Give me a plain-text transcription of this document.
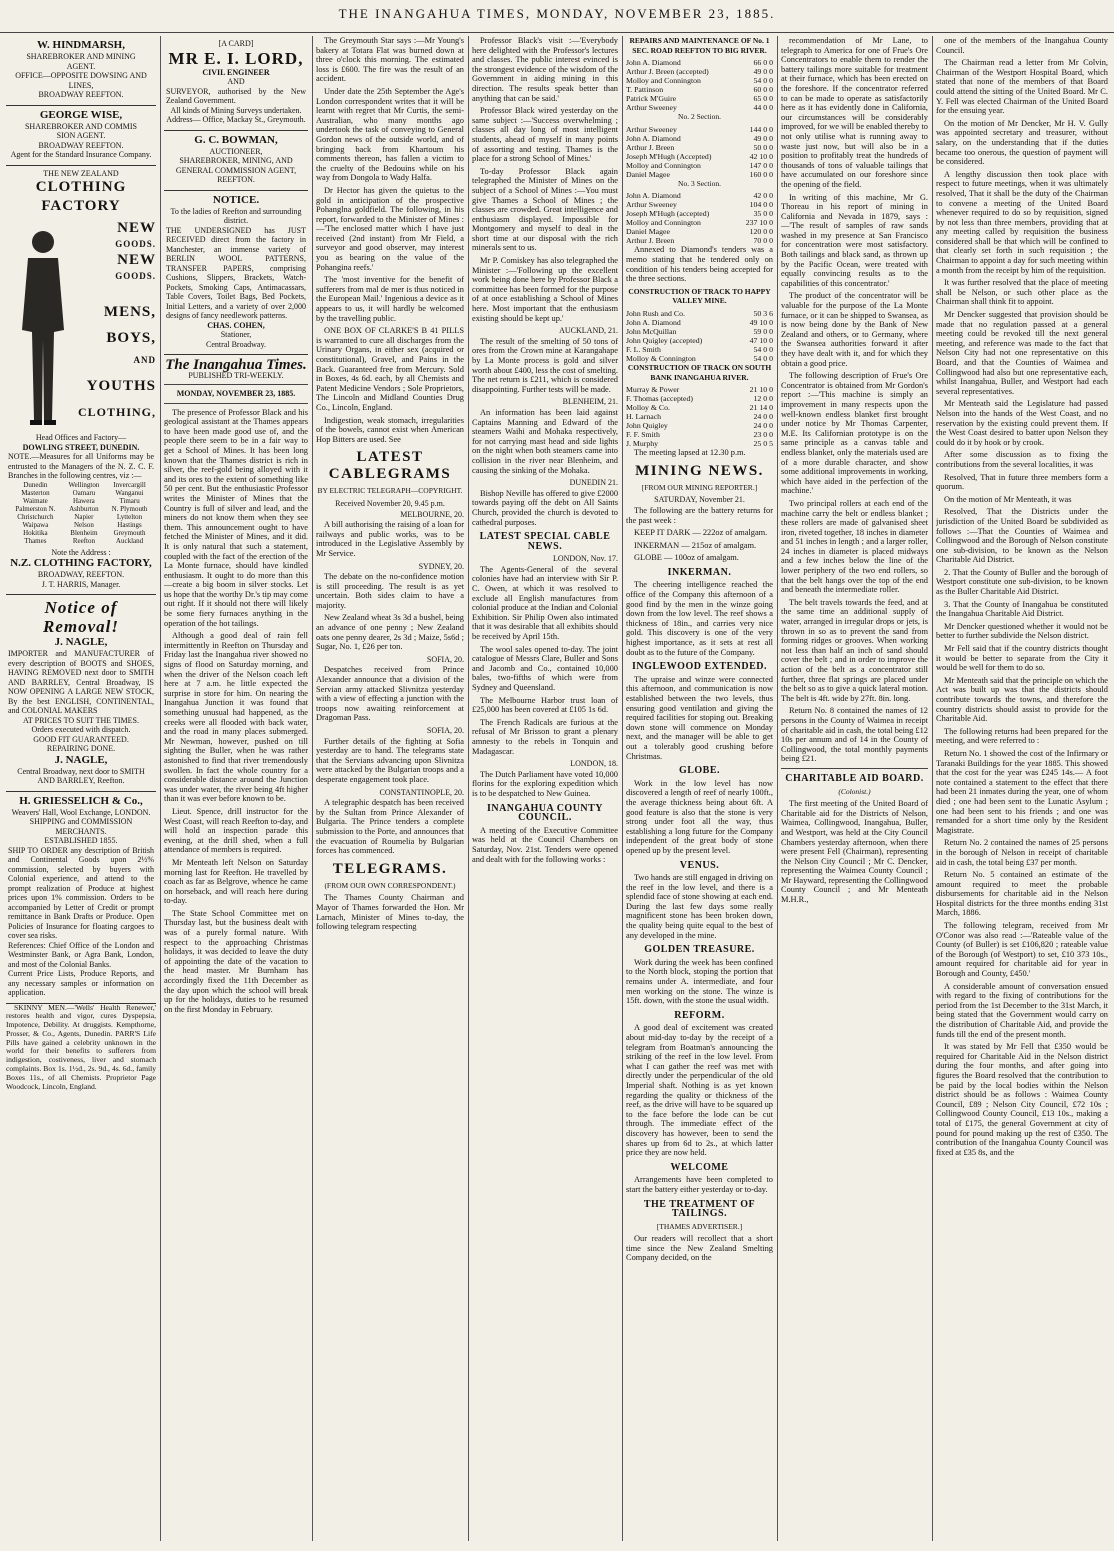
THE INANGAHUA TIMES, MONDAY, NOVEMBER 23, 1885.
W. HINDMARSH,
SHAREBROKER AND MINING
AGENT.
OFFICE—OPPOSITE DOWSING AND LINES,
BROADWAY REEFTON.
GEORGE WISE,
SHAREBROKER AND COMMIS
SION AGENT.
BROADWAY REEFTON.
Agent for the Standard Insurance Company.
THE NEW ZEALAND
CLOTHING FACTORY
NEW
GOODS.
NEW
GOODS.
MENS,
BOYS,
AND
YOUTHS
CLOTHING,
Head Offices and Factory—
DOWLING STREET, DUNEDIN.
NOTE.—Measures for all Uniforms may be entrusted to the Managers of the N. Z. C. F. Branches in the following centres, viz :—
Dunedin	Wellington	Invercargill
Masterton	Oamaru	Wanganui
Waimate	Hawera	Timaru
Palmerston N.	Ashburton	N. Plymouth
Christchurch	Napier	Lyttelton
Waipawa	Nelson	Hastings
Hokitika	Blenheim	Greymouth
Thames	Reefton	Auckland
Note the Address :
N.Z. CLOTHING FACTORY,
BROADWAY, REEFTON.
J. T. HARRIS, Manager.
Notice of Removal!
J. NAGLE,
IMPORTER and MANUFACTURER of every description of BOOTS and SHOES, HAVING REMOVED next door to SMITH AND BARRLEY, Central Broadway, IS NOW OPENING A LARGE NEW STOCK, By the best ENGLISH, CONTINENTAL, and COLONIAL MAKERS
AT PRICES TO SUIT THE TIMES.
Orders executed with dispatch.
GOOD FIT GUARANTEED.
REPAIRING DONE.
J. NAGLE,
Central Broadway, next door to SMITH AND BARRLEY, Reefton.
H. GRIESSELICH & Co.,
Weavers' Hall, Wool Exchange, LONDON.
SHIPPING and COMMISSION MERCHANTS.
ESTABLISHED 1855.
SHIP TO ORDER any description of British and Continental Goods upon 2½% commission, selected by buyers with Colonial experience, and attend to the prompt realization of Produce at highest prices upon 1% commission. Orders to be accompanied by Letter of Credit or prompt remittance in Bank Drafts or Produce. Open Policies of Insurance for floating cargoes to cover sea risks.
References: Chief Office of the London and Westminster Bank, or Agra Bank, London, and most of the Colonial Banks.
Current Price Lists, Produce Reports, and any necessary samples or information on application.

SKINNY MEN.—'Wells' Health Renewer,' restores health and vigor, cures Dyspepsia, Impotence, Debility. At druggists. Kempthorne, Prosser, & Co., Agents, Dunedin. PARR'S Life Pills have gained a celebrity unknown in the world for their benefits to sufferers from indigestion, costiveness, liver and stomach complaints. Box 1s. 1½d., 2s. 9d., 4s. 6d., family Boxes 11s., of all Chemists. Proprietor Page Woodcock, Lincoln, England.

[A CARD]
MR E. I. LORD,
CIVIL ENGINEER
AND
SURVEYOR, authorised by the New Zealand Government.
All kinds of Mining Surveys undertaken.
Address— Office, Mackay St., Greymouth.
G. C. BOWMAN,
AUCTIONEER,
SHAREBROKER, MINING, AND GENERAL COMMISSION AGENT,
REEFTON.
NOTICE.
To the ladies of Reefton and surrounding district.
THE UNDERSIGNED has JUST RECEIVED direct from the factory in Manchester, an immense variety of BERLIN WOOL PATTERNS, TRANSFER PAPERS, comprising Cushions, Slippers, Brackets, Watch-Pockets, Smoking Caps, Antimacassars, Table Covers, Toilet Bags, Bed Pockets, Initial Letters, and a variety of over 2,000 designs of fancy needlework patterns.
CHAS. COHEN,
Stationer,
Central Broadway.
The Inangahua Times.
PUBLISHED TRI-WEEKLY.
MONDAY, NOVEMBER 23, 1885.

The presence of Professor Black and his geological assistant at the Thames appears to have been made good use of, and the people there seem to be in a fair way to get a School of Mines. It has been long known that the Thames district is rich in silver, the reef-gold being alloyed with it and its ores to the extent of something like 50 per cent. But the enthusiastic Professor writes the Minister of Mines that the Country is full of silver and lead, and the miners do not know them when they see them. This announcement ought to have fetched the Minister of Mines, and it did. It is only natural that such a statement, coupled with the fact of the erection of the La Monte furnace, should have kindled enthusiasm. It ought to do more than this —create a big boom in silver stocks. Let us hope that the worthy Dr.'s tip may come out right. If it should not there will likely be some fiery furnaces anything in the operation of the hot tailings.

Although a good deal of rain fell intermittently in Reefton on Thursday and Friday last the Inangahua river showed no signs of flood on Saturday morning, and when the driver of the Nelson coach left here at 7 a.m. he little expected the surprise in store for him. On nearing the Inangahua Junction it was found that something unusual had happened, as the creeks were all flooded with back water, and the road in many places submerged. Mr Newman, however, pushed on till sighting the Buller, when he was rather astonished to find that river tremendously swollen. In fact the whole country for a considerable distance around the Junction was under water, the river being 4ft higher than it was ever before known to be.

Lieut. Spence, drill instructor for the West Coast, will reach Reefton to-day, and will hold an inspection parade this evening, at the drill shed, when a full attendance of members is required.

Mr Menteath left Nelson on Saturday morning last for Reefton. He travelled by coach as far as Belgrove, whence he came on horseback, and will reach here during to-day.

The State School Committee met on Thursday last, but the business dealt with was of a purely formal nature. With respect to the approaching Christmas holidays, it was decided to leave the duty of appointing the date of the vacation to the head master. Mr Burnham has accordingly fixed the 11th December as the day upon which the school will break up for the holidays, duties to be resumed on the first Monday in February.

The Greymouth Star says :—Mr Young's bakery at Totara Flat was burned down at three o'clock this morning. The estimated loss is £600. The fire was the result of an accident.

Under date the 25th September the Age's London correspondent writes that it will be learnt with regret that Mr Curtis, the semi-Australian, who many months ago undertook the task of conveying to General Gordon news of the outside world, and of bringing back from Khartoum his comments thereon, has fallen a victim to the cruelty of the Bedouins while on his way from Dongola to Wady Halfa.

Dr Hector has given the quietus to the gold in anticipation of the prospective Pohanglna goldfield. The following, in his report, forwarded to the Minister of Mines :—'The enclosed matter which I have just received (2nd instant) from Mr Field, a surveyor and good observer, may interest you as bearing on the value of the Pohangina reefs.'

The 'most inventive for the benefit of sufferers from mal de mer is thus noticed in the European Mail.' Ingenious a device as it appears to us, it will hardly be welcomed by the travelling public.

ONE BOX OF CLARKE'S B 41 PILLS is warranted to cure all discharges from the Urinary Organs, in either sex (acquired or constitutional), Gravel, and Pains in the Back. Guaranteed free from Mercury. Sold in Boxes, 4s 6d. each, by all Chemists and Patent Medicine Vendors ; Sole Proprietors, The Lincoln and Midland Counties Drug Co., Lincoln, England.

Indigestion, weak stomach, irregularities of the bowels, cannot exist when American Hop Bitters are used. See

LATEST CABLEGRAMS
BY ELECTRIC TELEGRAPH—COPYRIGHT.
Received November 20, 9.45 p.m.
MELBOURNE, 20.

A bill authorising the raising of a loan for railways and public works, was to be introduced in the Legislative Assembly by Mr Service.

SYDNEY, 20.

The debate on the no-confidence motion is still proceeding. The result is as yet uncertain. Both sides claim to have a majority.

New Zealand wheat 3s 3d a bushel, being an advance of one penny ; New Zealand oats one penny dearer, 2s 3d ; Maize, 5s6d ; Sugar, No. 1, £26 per ton.

SOFIA, 20.

Despatches received from Prince Alexander announce that a division of the Servian army attacked Slivnitza yesterday with a view of effecting a junction with the troops now awaiting reinforcement at Dragoman Pass.

SOFIA, 20.

Further details of the fighting at Sofia yesterday are to hand. The telegrams state that the Servians advancing upon Slivnitza were attacked by the Bulgarian troops and a desperate engagement took place.

CONSTANTINOPLE, 20.

A telegraphic despatch has been received by the Sultan from Prince Alexander of Bulgaria. The Prince tenders a complete submission to the Porte, and announces that the evacuation of Roumelia by Bulgarian forces has commenced.

TELEGRAMS.
(FROM OUR OWN CORRESPONDENT.)

The Thames County Chairman and Mayor of Thames forwarded the Hon. Mr Larnach, Minister of Mines to-day, the following telegram respecting

Professor Black's visit :—'Everybody here delighted with the Professor's lectures and classes. The public interest evinced is the strongest evidence of the wisdom of the Government in aiding mining in this direction. The results speak better than anything that can be said.'

Professor Black wired yesterday on the same subject :—'Success overwhelming ; classes all day long of most intelligent students, ahead of myself in many points of assorting and testing. Thames is the place for a strong School of Mines.'

To-day Professor Black again telegraphed the Minister of Mines on the subject of a School of Mines :—You must give Thames a School of Mines ; the classes are crowded. Great intelligence and enthusiasm displayed. Impossible for Montgomery and myself to deal in the short time at our disposal with the rich minerals sent to us.

Mr P. Comiskey has also telegraphed the Minister :—'Following up the excellent work being done here by Professor Black a committee has been formed for the purpose of at once establishing a School of Mines here. Most important that the enthusiasm existing should be kept up.'

AUCKLAND, 21.

The result of the smelting of 50 tons of ores from the Crown mine at Karangahape by La Monte process is gold and silver worth about £400, less the cost of smelting. The net return is £211, which is considered disappointing. Further tests will be made.

BLENHEIM, 21.

An information has been laid against Captains Manning and Edward of the steamers Waihi and Mohaka respectively, for not carrying mast head and side lights on the night when both steamers came into collision in the river near Blenheim, and causing the sinking of the Mohaka.

DUNEDIN 21.

Bishop Neville has offered to give £2000 towards paying off the debt on All Saints Church, provided the church is devoted to cathedral purposes.

LATEST SPECIAL CABLE NEWS.
LONDON, Nov. 17.

The Agents-General of the several colonies have had an interview with Sir P. C. Owen, at which it was resolved to exclude all English manufactures from colonial produce at the Indian and Colonial Exhibition. Sir Philip Owen also intimated that it was desirable that all exhibits should be received by April 15th.

The wool sales opened to-day. The joint catalogue of Messrs Clare, Buller and Sons and Jacomb and Co., contained 10,000 bales, two-fifths of which were from Sydney and Queensland.

The Melbourne Harbor trust loan of £25,000 has been covered at £105 1s 6d.

The French Radicals are furious at the refusal of Mr Brisson to grant a plenary amnesty to the rebels in Tonquin and Madagascar.

LONDON, 18.

The Dutch Parliament have voted 10,000 florins for the exploring expedition which is to be despatched to New Guinea.

INANGAHUA COUNTY COUNCIL.

A meeting of the Executive Committee was held at the Council Chambers on Saturday, Nov. 21st. Tenders were opened and dealt with for the following works :

REPAIRS AND MAINTENANCE OF No. 1 SEC. ROAD REEFTON TO BIG RIVER.
John A. Diamond	66 0 0
Arthur J. Breen (accepted)	49 0 0
Molloy and Connington	54 0 0
T. Pattinson	60 0 0
Patrick M'Guire	65 0 0
Arthur Sweeney	44 0 0
No. 2 Section.
Arthur Sweeney	144 0 0
John A. Diamond	49 0 0
Arthur J. Breen	50 0 0
Joseph M'Hugh (Accepted)	42 10 0
Molloy and Connington	147 0 0
Daniel Magee	160 0 0
No. 3 Section.
John A. Diamond	42 0 0
Arthur Sweeney	104 0 0
Joseph M'Hugh (accepted)	35 0 0
Molloy and Connington	237 10 0
Daniel Magee	120 0 0
Arthur J. Breen	70 0 0

Annexed to Diamond's tenders was a memo stating that he tendered only on condition of his tenders being accepted for the three sections.

CONSTRUCTION OF TRACK TO HAPPY VALLEY MINE.
John Rush and Co.	50 3 6
John A. Diamond	49 10 0
John McQuillan	59 0 0
John Quigley (accepted)	47 10 0
F. L. Smith	54 0 0
Molloy & Connington	54 0 0
CONSTRUCTION OF TRACK ON SOUTH BANK INANGAHUA RIVER.
Murray & Power	21 10 0
F. Thomas (accepted)	12 0 0
Molloy & Co.	21 14 0
H. Larnach	24 0 0
John Quigley	24 0 0
F. F. Smith	23 0 0
J. Murphy	25 0 5

The meeting lapsed at 12.30 p.m.

MINING NEWS.
[FROM OUR MINING REPORTER.]
SATURDAY, November 21.

The following are the battery returns for the past week :

KEEP IT DARK — 222oz of amalgam.

INKERMAN — 215oz of amalgam.

GLOBE — 100oz of amalgam.

INKERMAN.

The cheering intelligence reached the office of the Company this afternoon of a good find by the men in the winze going down from the low level. The reef shows a thickness of 18in., and carries very nice gold. This discovery is one of the very highest importance, as it sets at rest all doubt as to the future of the Company.

INGLEWOOD EXTENDED.

The upraise and winze were connected this afternoon, and communication is now established between the two levels, thus ensuring good ventilation and giving the required facilities for stoping out. Breaking down stone will commence on Monday next, and the manager will be able to get out a tolerably good crushing before Christmas.

GLOBE.

Work in the low level has now discovered a length of reef of nearly 100ft., the average thickness being about 6ft. A good feature is also that the stone is very strong under foot all the way, thus establishing a long future for the Company independent of the great body of stone opened up by the present level.

VENUS.

Two hands are still engaged in driving on the reef in the low level, and there is a splendid face of stone showing at each end. During the last few days some really magnificent stone has been broken down, the quality being quite equal to the best of any developed in the mine.

GOLDEN TREASURE.

Work during the week has been confined to the North block, stoping the portion that remains under A. intermediate, and four men working on the stone. The winze is 15ft. down, with the stone the usual width.

REFORM.

A good deal of excitement was created about mid-day to-day by the receipt of a telegram from Boatman's announcing the striking of the reef in the low level. From what I can gather the reef was met with directly under the perpendicular of the old Imperial shaft. Nothing is as yet known regarding the quality or thickness of the reef, as the drive will have to be squared up to the face before the lode can be cut through. The immediate effect of the discovery has however, been to send the shares up from 6d to 2s., at which latter price they are now held.

WELCOME

Arrangements have been completed to start the battery either yesterday or to-day.

THE TREATMENT OF TAILINGS.
[THAMES ADVERTISER.]

Our readers will recollect that a short time since the New Zealand Smelting Company decided, on the

recommendation of Mr Lane, to telegraph to America for one of Frue's Ore Concentrators to enable them to render the battery tailings more suitable for treatment at their furnace, which has been erected on the foreshore. If the concentrator referred to can be made to operate as satisfactorily here as it has evidently done in California, our circumstances will be considerably improved, for we will be enabled thereby to not only utilise what is running away to waste just now, but will also be in a position to profitably treat the hundreds of thousands of tons of valuable tailings that have accumulated on our foreshore since the opening of the field.

In writing of this machine, Mr G. Thoreau in his report of mining in California and Nevada in 1879, says :—'The result of samples of raw sands washed in my presence at San Francisco for concentration were most satisfactory. Both tailings and black sand, as thrown up by the Pacific Ocean, were treated with equally convincing results as to the capabilities of this concentrator.'

The product of the concentrator will be valuable for the purpose of the La Monte furnace, or it can be shipped to Swansea, as is now being done by the Bank of New Zealand and others, or to Germany, where the Swansea authorities forward it after they have dealt with it, and for which they obtain a good price.

The following description of Frue's Ore Concentrator is obtained from Mr Gordon's report :—'This machine is simply an improvement in many respects upon the well-known endless blanket first brought under notice by Mr Thomas Carpenter, M.E. Its Californian prototype is on the same principle as a canvas table and endless blanket, only the materials used are of a more durable character, and show some additional improvements in working, which have aided in the perfection of the machine.'

Two principal rollers at each end of the machine carry the belt or endless blanket ; these rollers are made of galvanised sheet iron, riveted together, 18 inches in diameter and 51 inches in length ; and a larger roller, 24 inches in diameter is placed midways and a few inches below the line of the lower periphery of the two end rollers, so that the belt hangs over the top of the end and beneath the intermediate roller.

The belt travels towards the feed, and at the same time an additional supply of water, arranged in irregular drops or jets, is thrown in so as to prevent the sand from forming ridges or grooves. When working not less than half an inch of sand should cover the belt ; and in order to improve the action of the belt as a concentrator still further, three flat springs are placed under the belt so as to give a quick lateral motion. The belt is 4ft. wide by 27ft. 8in. long.

Return No. 8 contained the names of 12 persons in the County of Waimea in receipt of charitable aid in cash, the total being £12 10s per annum and of 14 in the County of Collingwood, the total monthly payments being £21.

CHARITABLE AID BOARD.
(Colonist.)

The first meeting of the United Board of Charitable aid for the Districts of Nelson, Waimea, Collingwood, Inangahua, Buller, and Westport, was held at the City Council Chambers yesterday afternoon, when there were present Fell (Chairman), representing the Nelson City Council ; Mr C. Dencker, representing the Waimea County Council ; Mr Hayward, representing the Collingwood County Council ; and Mr Menteath M.H.R.,

one of the members of the Inangahua County Council.

The Chairman read a letter from Mr Colvin, Chairman of the Westport Hospital Board, which stated that none of the members of that Board could attend the sitting of the United Board. Mr C. Y. Fell was elected Chairman of the United Board for the ensuing year.

On the motion of Mr Dencker, Mr H. V. Gully was appointed secretary and treasurer, without salary, on the understanding that if the duties became too onerous, the question of payment will be considered.

A lengthy discussion then took place with respect to future meetings, when it was ultimately resolved, That it shall be the duty of the Chairman to convene a meeting of the United Board whenever required to do so by requisition, signed by not less than three members, providing that at any meeting called by requisition the business considered shall be that which will be confined to that clearly set forth in such requisition ; the Chairman to appoint a day for such meeting within a month from the receipt by him of the requisition.

It was further resolved that the place of meeting shall be Nelson, or such other place as the Chairman shall think fit to appoint.

Mr Dencker suggested that provision should be made that no regulation passed at a general meeting could be revoked till the next general meeting, and reference was made to the fact that Nelson City had not one representative on this Board, and that the Counties of Waimea and Collingwood had also but one representative each, whilst Inangahua, Buller, and Westport had each several representatives.

Mr Menteath said the Legislature had passed Nelson into the hands of the West Coast, and no reservation by the existing could prevent them. If the West Coast desired to batter upon Nelson they could do it by hook or by crook.

After some discussion as to fixing the contributions from the several localities, it was

Resolved, That in future three members form a quorum.

On the motion of Mr Menteath, it was

Resolved, That the Districts under the jurisdiction of the United Board be subdivided as follows :—That the Counties of Waimea and Collingwood and the Borough of Nelson constitute one sub-division, to be known as the Nelson Charitable Aid District.

2. That the County of Buller and the borough of Westport constitute one sub-division, to be known as the Buller Charitable Aid District.

3. That the County of Inangahua be constituted the Inangahua Charitable Aid District.

Mr Dencker questioned whether it would not be better to further subdivide the Nelson district.

Mr Fell said that if the country districts thought it would be better to separate from the City it would be well for them to do so.

Mr Menteath said that the principle on which the Act was built up was that the districts should contribute towards the towns, and therefore the country districts should assist to provide for the Charitable Aid.

The following returns had been prepared for the meeting, and were referred to :

Return No. 1 showed the cost of the Infirmary or Taranaki Buildings for the year 1885. This showed that the cost for the year was £245 14s.— A foot note contained a statement to the effect that there had been 21 inmates during the year, one of whom died ; one had been sent to the Lunatic Asylum ; one had been sent to his friends ; and one was remanded for a short time only by the Resident Magistrate.

Return No. 2 contained the names of 25 persons in the borough of Nelson in receipt of charitable aid in cash, the total being £37 per month.

Return No. 5 contained an estimate of the amount required to meet the probable disbursements for charitable aid in the Nelson Hospital districts for the three months ending 31st March, 1886.

The following telegram, received from Mr O'Conor was also read :—'Rateable value of the County (of Buller) is set £106,820 ; rateable value of the Borough (of Westport) to set, £10 373 10s., amount required for charitable aid for year in Borough and County, £450.'

A considerable amount of conversation ensued with regard to the fixing of contributions for the period from the 1st December to the 31st March, it being stated that the Government would carry on the distribution of Charitable Aid, and provide the funds till the end of the present month.

It was stated by Mr Fell that £350 would be required for Charitable Aid in the Nelson district during the four months, and after going into figures the Board resolved that the contribution to be paid by the local bodies within the Nelson district should be as follows : Waimea County Council, £89 ; Nelson City Council, £72 10s ; Collingwood County Council, £13 10s., making a total of £175, the general Government at city of pound for pound making up the rest of £350. The contribution of the Inangahua County Council was fixed at £35 8s, and the
